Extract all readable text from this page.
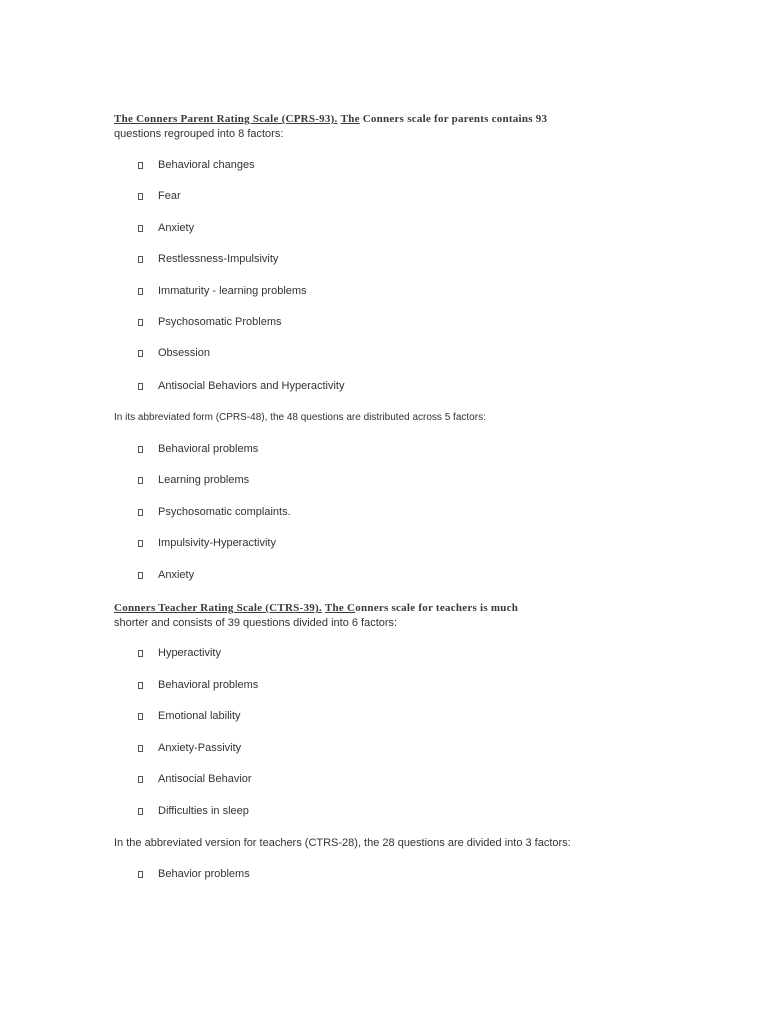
The Conners Parent Rating Scale (CPRS-93). The Conners scale for parents contains 93
questions regrouped into 8 factors:
Behavioral changes
Fear
Anxiety
Restlessness-Impulsivity
Immaturity - learning problems
Psychosomatic Problems
Obsession
Antisocial Behaviors and Hyperactivity
In its abbreviated form (CPRS-48), the 48 questions are distributed across 5 factors:
Behavioral problems
Learning problems
Psychosomatic complaints.
Impulsivity-Hyperactivity
Anxiety
Conners Teacher Rating Scale (CTRS-39). The Conners scale for teachers is much
shorter and consists of 39 questions divided into 6 factors:
Hyperactivity
Behavioral problems
Emotional lability
Anxiety-Passivity
Antisocial Behavior
Difficulties in sleep
In the abbreviated version for teachers (CTRS-28), the 28 questions are divided into 3 factors:
Behavior problems
